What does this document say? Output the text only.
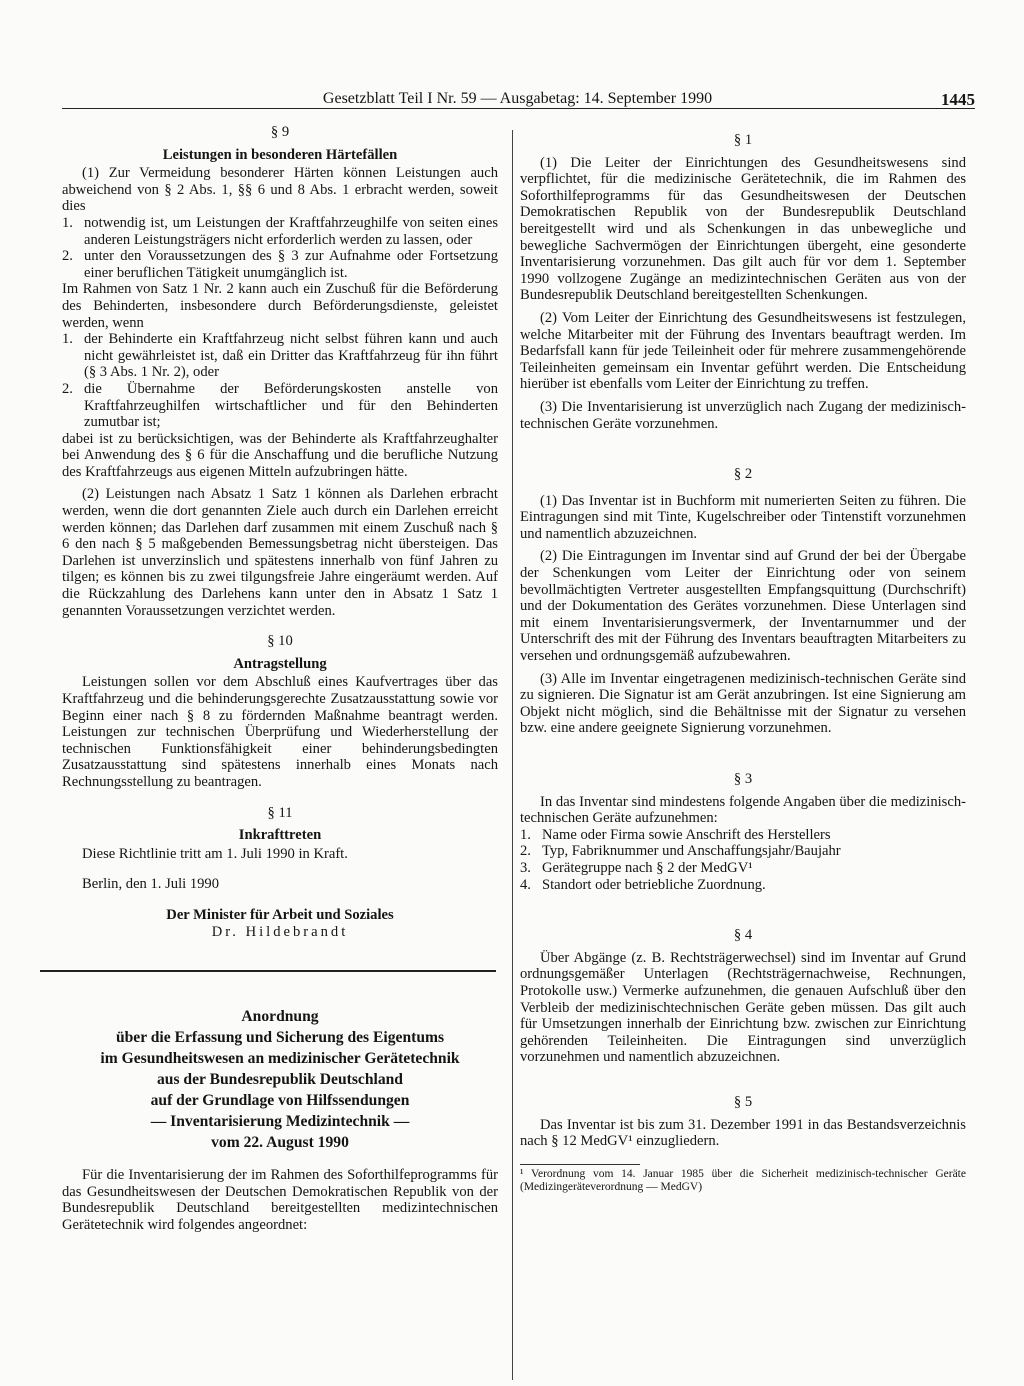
Gesetzblatt Teil I Nr. 59 — Ausgabetag: 14. September 1990	1445

§ 9

Leistungen in besonderen Härtefällen

(1) Zur Vermeidung besonderer Härten können Leistungen auch abweichend von § 2 Abs. 1, §§ 6 und 8 Abs. 1 erbracht werden, soweit dies

1. notwendig ist, um Leistungen der Kraftfahrzeughilfe von seiten eines anderen Leistungsträgers nicht erforderlich werden zu lassen, oder
2. unter den Voraussetzungen des § 3 zur Aufnahme oder Fortsetzung einer beruflichen Tätigkeit unumgänglich ist.

Im Rahmen von Satz 1 Nr. 2 kann auch ein Zuschuß für die Beförderung des Behinderten, insbesondere durch Beförderungsdienste, geleistet werden, wenn

1. der Behinderte ein Kraftfahrzeug nicht selbst führen kann und auch nicht gewährleistet ist, daß ein Dritter das Kraftfahrzeug für ihn führt (§ 3 Abs. 1 Nr. 2), oder
2. die Übernahme der Beförderungskosten anstelle von Kraftfahrzeughilfen wirtschaftlicher und für den Behinderten zumutbar ist;

dabei ist zu berücksichtigen, was der Behinderte als Kraftfahrzeughalter bei Anwendung des § 6 für die Anschaffung und die berufliche Nutzung des Kraftfahrzeugs aus eigenen Mitteln aufzubringen hätte.

(2) Leistungen nach Absatz 1 Satz 1 können als Darlehen erbracht werden, wenn die dort genannten Ziele auch durch ein Darlehen erreicht werden können; das Darlehen darf zusammen mit einem Zuschuß nach § 6 den nach § 5 maßgebenden Bemessungsbetrag nicht übersteigen. Das Darlehen ist unverzinslich und spätestens innerhalb von fünf Jahren zu tilgen; es können bis zu zwei tilgungsfreie Jahre eingeräumt werden. Auf die Rückzahlung des Darlehens kann unter den in Absatz 1 Satz 1 genannten Voraussetzungen verzichtet werden.

§ 10

Antragstellung

Leistungen sollen vor dem Abschluß eines Kaufvertrages über das Kraftfahrzeug und die behinderungsgerechte Zusatzausstattung sowie vor Beginn einer nach § 8 zu fördernden Maßnahme beantragt werden. Leistungen zur technischen Überprüfung und Wiederherstellung der technischen Funktionsfähigkeit einer behinderungsbedingten Zusatzausstattung sind spätestens innerhalb eines Monats nach Rechnungsstellung zu beantragen.

§ 11

Inkrafttreten

Diese Richtlinie tritt am 1. Juli 1990 in Kraft.

Berlin, den 1. Juli 1990

Der Minister für Arbeit und Soziales

Dr. Hildebrandt

Anordnung
über die Erfassung und Sicherung des Eigentums
im Gesundheitswesen an medizinischer Gerätetechnik
aus der Bundesrepublik Deutschland
auf der Grundlage von Hilfssendungen
— Inventarisierung Medizintechnik —
vom 22. August 1990

Für die Inventarisierung der im Rahmen des Soforthilfeprogramms für das Gesundheitswesen der Deutschen Demokratischen Republik von der Bundesrepublik Deutschland bereitgestellten medizintechnischen Gerätetechnik wird folgendes angeordnet:

§ 1

(1) Die Leiter der Einrichtungen des Gesundheitswesens sind verpflichtet, für die medizinische Gerätetechnik, die im Rahmen des Soforthilfeprogramms für das Gesundheitswesen der Deutschen Demokratischen Republik von der Bundesrepublik Deutschland bereitgestellt wird und als Schenkungen in das unbewegliche und bewegliche Sachvermögen der Einrichtungen übergeht, eine gesonderte Inventarisierung vorzunehmen. Das gilt auch für vor dem 1. September 1990 vollzogene Zugänge an medizintechnischen Geräten aus von der Bundesrepublik Deutschland bereitgestellten Schenkungen.

(2) Vom Leiter der Einrichtung des Gesundheitswesens ist festzulegen, welche Mitarbeiter mit der Führung des Inventars beauftragt werden. Im Bedarfsfall kann für jede Teileinheit oder für mehrere zusammengehörende Teileinheiten gemeinsam ein Inventar geführt werden. Die Entscheidung hierüber ist ebenfalls vom Leiter der Einrichtung zu treffen.

(3) Die Inventarisierung ist unverzüglich nach Zugang der medizinisch-technischen Geräte vorzunehmen.

§ 2

(1) Das Inventar ist in Buchform mit numerierten Seiten zu führen. Die Eintragungen sind mit Tinte, Kugelschreiber oder Tintenstift vorzunehmen und namentlich abzuzeichnen.

(2) Die Eintragungen im Inventar sind auf Grund der bei der Übergabe der Schenkungen vom Leiter der Einrichtung oder von seinem bevollmächtigten Vertreter ausgestellten Empfangsquittung (Durchschrift) und der Dokumentation des Gerätes vorzunehmen. Diese Unterlagen sind mit einem Inventarisierungsvermerk, der Inventarnummer und der Unterschrift des mit der Führung des Inventars beauftragten Mitarbeiters zu versehen und ordnungsgemäß aufzubewahren.

(3) Alle im Inventar eingetragenen medizinisch-technischen Geräte sind zu signieren. Die Signatur ist am Gerät anzubringen. Ist eine Signierung am Objekt nicht möglich, sind die Behältnisse mit der Signatur zu versehen bzw. eine andere geeignete Signierung vorzunehmen.

§ 3

In das Inventar sind mindestens folgende Angaben über die medizinisch-technischen Geräte aufzunehmen:

1. Name oder Firma sowie Anschrift des Herstellers
2. Typ, Fabriknummer und Anschaffungsjahr/Baujahr
3. Gerätegruppe nach § 2 der MedGV¹
4. Standort oder betriebliche Zuordnung.

§ 4

Über Abgänge (z. B. Rechtsträgerwechsel) sind im Inventar auf Grund ordnungsgemäßer Unterlagen (Rechtsträgernachweise, Rechnungen, Protokolle usw.) Vermerke aufzunehmen, die genauen Aufschluß über den Verbleib der medizinischtechnischen Geräte geben müssen. Das gilt auch für Umsetzungen innerhalb der Einrichtung bzw. zwischen zur Einrichtung gehörenden Teileinheiten. Die Eintragungen sind unverzüglich vorzunehmen und namentlich abzuzeichnen.

§ 5

Das Inventar ist bis zum 31. Dezember 1991 in das Bestandsverzeichnis nach § 12 MedGV¹ einzugliedern.

¹ Verordnung vom 14. Januar 1985 über die Sicherheit medizinisch-technischer Geräte (Medizingeräteverordnung — MedGV)
